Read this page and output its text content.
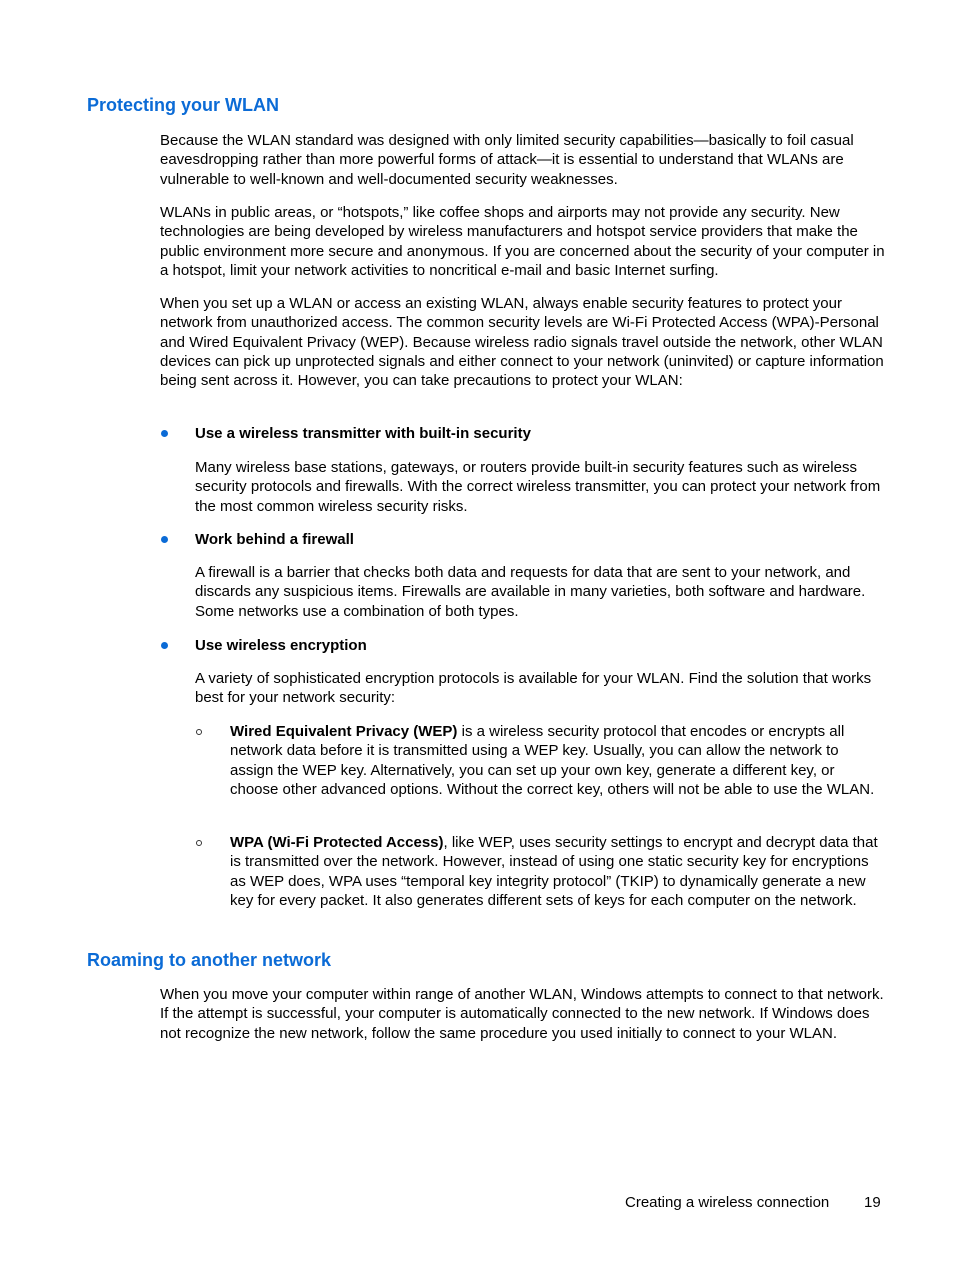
Protecting your WLAN

Because the WLAN standard was designed with only limited security capabilities—basically to foil casual eavesdropping rather than more powerful forms of attack—it is essential to understand that WLANs are vulnerable to well-known and well-documented security weaknesses.

WLANs in public areas, or “hotspots,” like coffee shops and airports may not provide any security. New technologies are being developed by wireless manufacturers and hotspot service providers that make the public environment more secure and anonymous. If you are concerned about the security of your computer in a hotspot, limit your network activities to noncritical e-mail and basic Internet surfing.

When you set up a WLAN or access an existing WLAN, always enable security features to protect your network from unauthorized access. The common security levels are Wi-Fi Protected Access (WPA)-Personal and Wired Equivalent Privacy (WEP). Because wireless radio signals travel outside the network, other WLAN devices can pick up unprotected signals and either connect to your network (uninvited) or capture information being sent across it. However, you can take precautions to protect your WLAN:

Use a wireless transmitter with built-in security

Many wireless base stations, gateways, or routers provide built-in security features such as wireless security protocols and firewalls. With the correct wireless transmitter, you can protect your network from the most common wireless security risks.

Work behind a firewall

A firewall is a barrier that checks both data and requests for data that are sent to your network, and discards any suspicious items. Firewalls are available in many varieties, both software and hardware. Some networks use a combination of both types.

Use wireless encryption

A variety of sophisticated encryption protocols is available for your WLAN. Find the solution that works best for your network security:

Wired Equivalent Privacy (WEP) is a wireless security protocol that encodes or encrypts all network data before it is transmitted using a WEP key. Usually, you can allow the network to assign the WEP key. Alternatively, you can set up your own key, generate a different key, or choose other advanced options. Without the correct key, others will not be able to use the WLAN.

WPA (Wi-Fi Protected Access), like WEP, uses security settings to encrypt and decrypt data that is transmitted over the network. However, instead of using one static security key for encryptions as WEP does, WPA uses “temporal key integrity protocol” (TKIP) to dynamically generate a new key for every packet. It also generates different sets of keys for each computer on the network.

Roaming to another network

When you move your computer within range of another WLAN, Windows attempts to connect to that network. If the attempt is successful, your computer is automatically connected to the new network. If Windows does not recognize the new network, follow the same procedure you used initially to connect to your WLAN.

Creating a wireless connection 19
